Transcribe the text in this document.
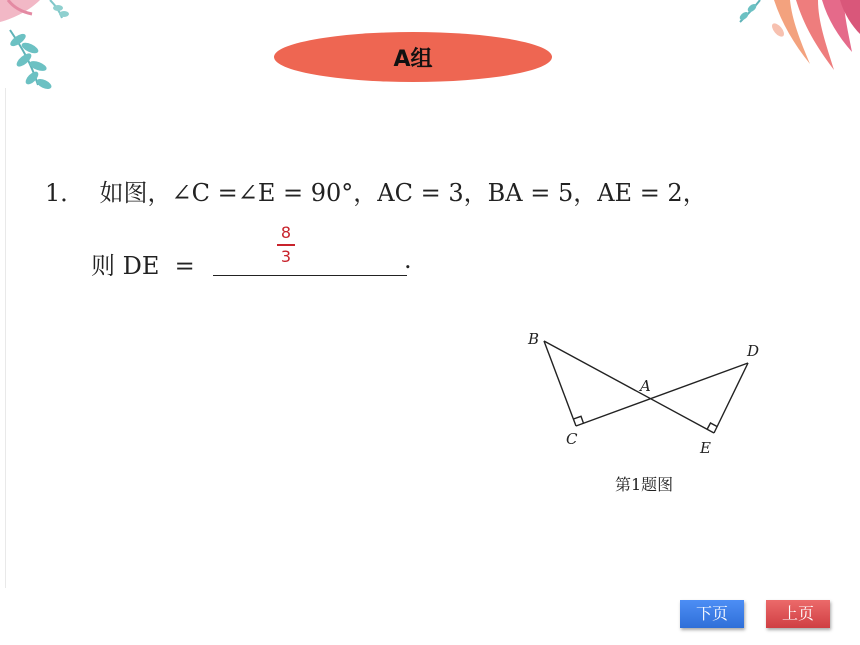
A组
1．  如图，∠C =∠E = 90°，AC = 3，BA = 5，AE = 2，
则 DE  =
8
3	.
B
A
C
D
E
第1题图
下页	上页
